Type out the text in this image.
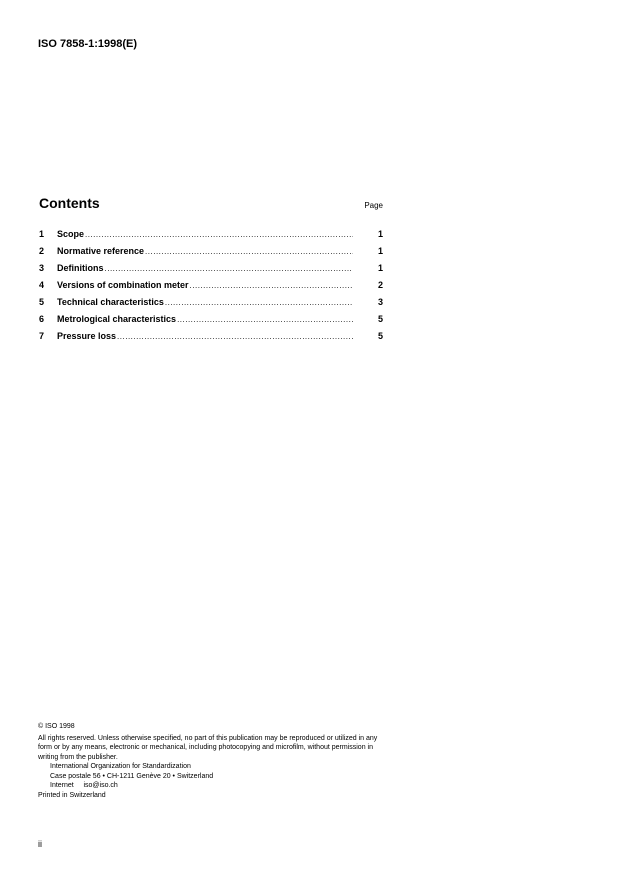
ISO 7858-1:1998(E)
Contents	Page
1	Scope .....	1
2	Normative reference .....	1
3	Definitions .....	1
4	Versions of combination meter .....	2
5	Technical characteristics .....	3
6	Metrological characteristics .....	5
7	Pressure loss .....	5

© ISO 1998

All rights reserved. Unless otherwise specified, no part of this publication may be reproduced or utilized in any form or by any means, electronic or mechanical, including photocopying and microfilm, without permission in writing from the publisher.

International Organization for Standardization

Case postale 56 • CH-1211 Genève 20 • Switzerland

Internet     iso@iso.ch

Printed in Switzerland

ii
